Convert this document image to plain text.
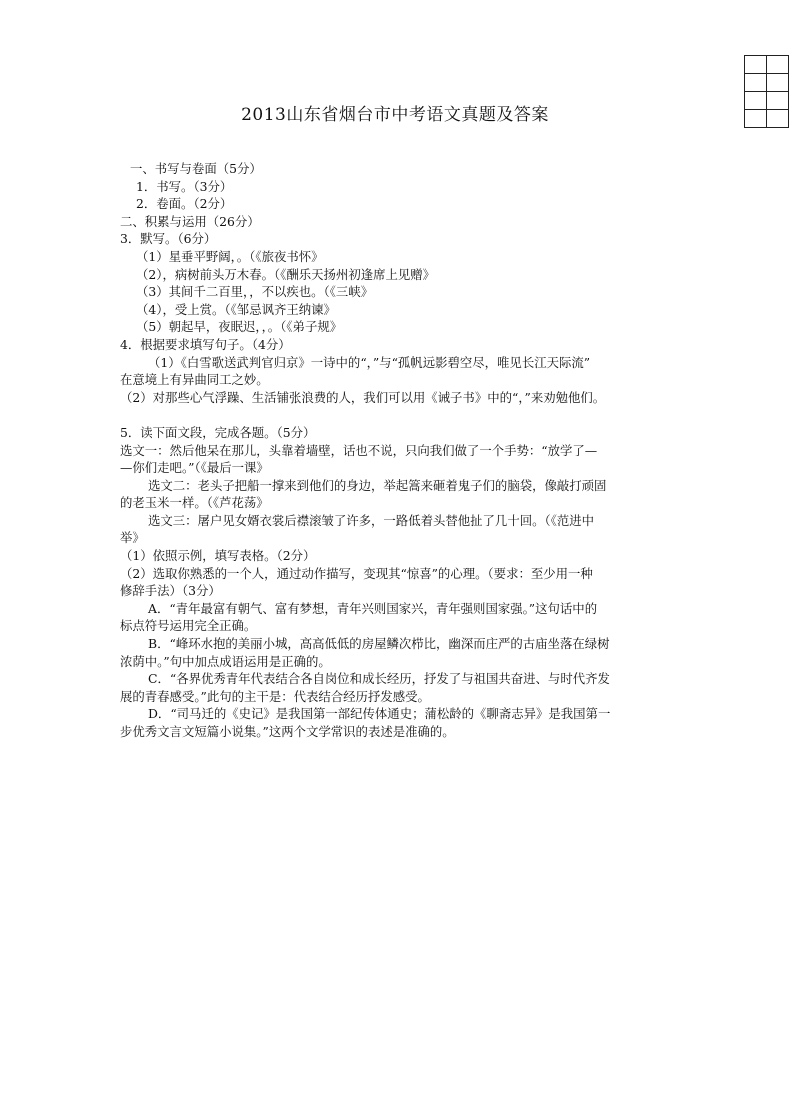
2013山东省烟台市中考语文真题及答案
一、书写与卷面（5分）
1．书写。（3分）
2．卷面。（2分）
二、积累与运用（26分）
3．默写。（6分）
（1）星垂平野阔，。（《旅夜书怀》
（2），病树前头万木春。（《酬乐天扬州初逢席上见赠》
（3）其间千二百里，，不以疾也。（《三峡》
（4），受上赏。（《邹忌讽齐王纳谏》
（5）朝起早，夜眠迟，，。（《弟子规》
4．根据要求填写句子。（4分）
（1）《白雪歌送武判官归京》一诗中的“，”与“孤帆远影碧空尽，唯见长江天际流”
在意境上有异曲同工之妙。
（2）对那些心气浮躁、生活铺张浪费的人，我们可以用《诫子书》中的“，”来劝勉他们。
5．读下面文段，完成各题。（5分）
选文一：然后他呆在那儿，头靠着墙壁，话也不说，只向我们做了一个手势：“放学了—
—你们走吧。”（《最后一课》
选文二：老头子把船一撑来到他们的身边，举起篙来砸着鬼子们的脑袋，像敲打顽固
的老玉米一样。（《芦花荡》
选文三：屠户见女婿衣裳后襟滚皱了许多，一路低着头替他扯了几十回。（《范进中
举》
（1）依照示例，填写表格。（2分）
（2）选取你熟悉的一个人，通过动作描写，变现其“惊喜”的心理。（要求：至少用一种
修辞手法）（3分）
A．“青年最富有朝气、富有梦想，青年兴则国家兴，青年强则国家强。”这句话中的
标点符号运用完全正确。
B．“峰环水抱的美丽小城，高高低低的房屋鳞次栉比，幽深而庄严的古庙坐落在绿树
浓荫中。”句中加点成语运用是正确的。
C．“各界优秀青年代表结合各自岗位和成长经历，抒发了与祖国共奋进、与时代齐发
展的青春感受。”此句的主干是：代表结合经历抒发感受。
D．“司马迁的《史记》是我国第一部纪传体通史；蒲松龄的《聊斋志异》是我国第一
步优秀文言文短篇小说集。”这两个文学常识的表述是准确的。
